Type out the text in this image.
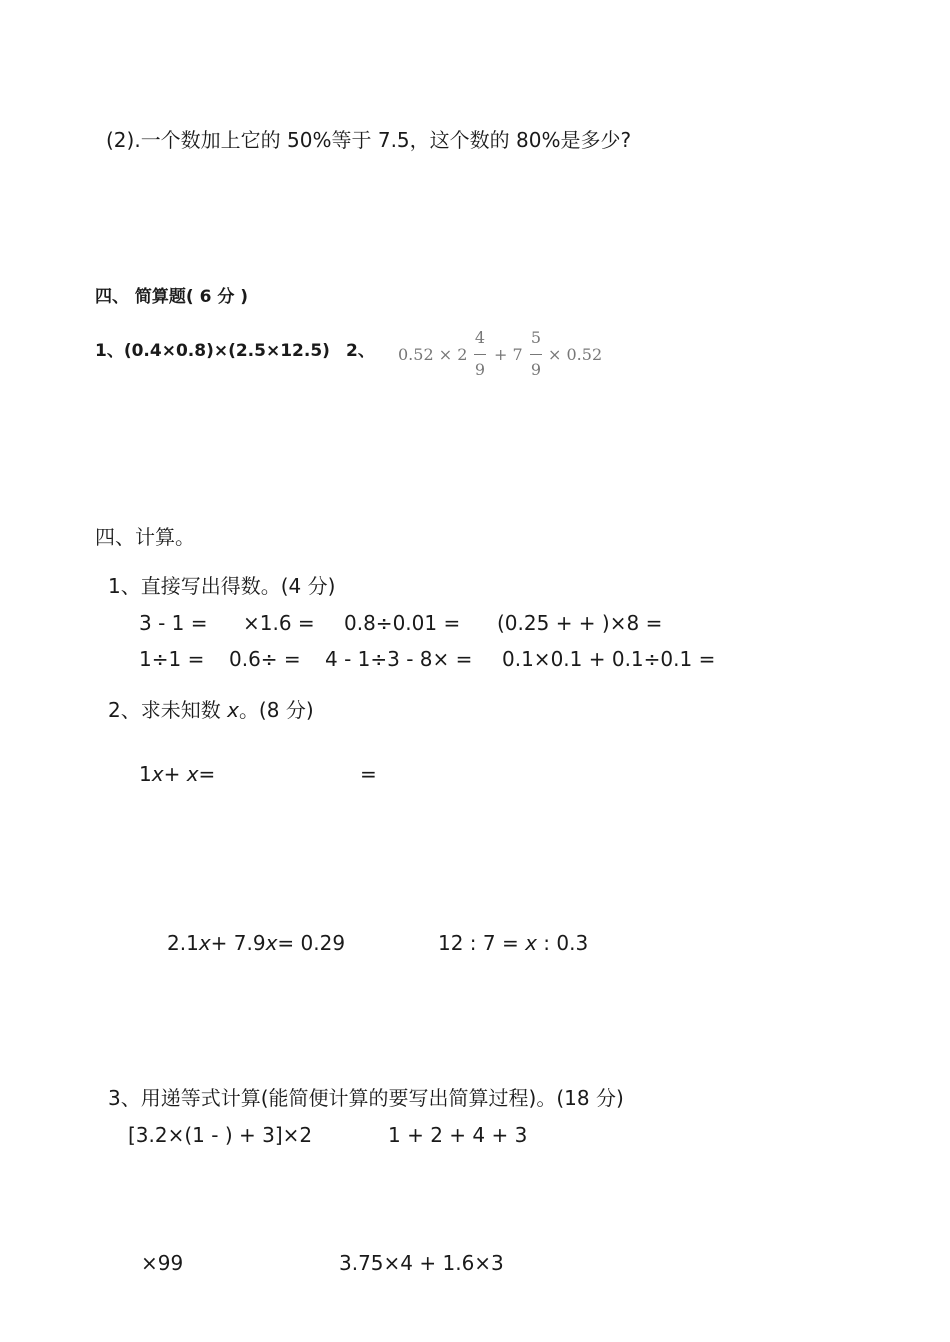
(2).一个数加上它的 50%等于 7.5，这个数的 80%是多少?
四、 简算题( 6 分 )
1、(0.4×0.8)×(2.5×12.5) 2、 0.52 × 2
4
9
+ 7
5
9
× 0.52
四、计算。
1、直接写出得数。(4 分)
3 - 1 = ×1.6 = 0.8÷0.01 = (0.25 + + )×8 =
1÷1 = 0.6÷ = 4 - 1÷3 - 8× = 0.1×0.1 + 0.1÷0.1 =
2、求未知数 x。(8 分)
1x+ x=	=
2.1x+ 7.9x= 0.29	12 : 7 = x : 0.3
3、用递等式计算(能简便计算的要写出简算过程)。(18 分)
[3.2×(1 - ) + 3]×2	1 + 2 + 4 + 3
×99	3.75×4 + 1.6×3
